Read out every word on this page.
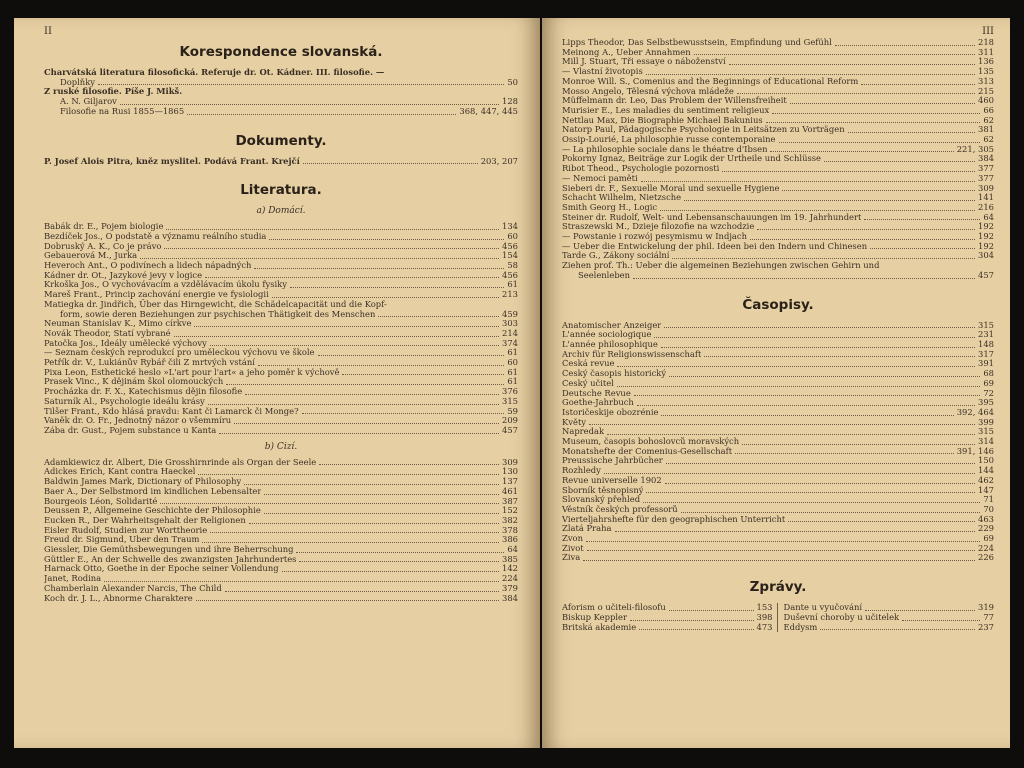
II
Korespondence slovanská.
Charvátská literatura filosofická. Referuje dr. Ot. Kádner. III. filosofie. —
Doplňky	50
Z ruské filosofie. Píše J. Mikš.
A. N. Giljarov	128
Filosofie na Rusi 1855—1865	368, 447, 445
Dokumenty.
P. Josef Alois Pitra, kněz myslitel. Podává Frant. Krejčí	203, 207
Literatura.
a) Domácí.
Babák dr. E., Pojem biologie	134
Bezdíček Jos., O podstatě a významu reálního studia	60
Dobruský A. K., Co je právo	456
Gebauerová M., Jurka	154
Heveroch Ant., O podivínech a lidech nápadných	58
Kádner dr. Ot., Jazykové jevy v logice	456
Krkoška Jos., O vychovávacím a vzdělávacím úkolu fysiky	61
Mareš Frant., Princip zachování energie ve fysiologii	213
Matiegka dr. Jindřich, Über das Hirngewicht, die Schädelcapacität und die Kopf-
form, sowie deren Beziehungen zur psychischen Thätigkeit des Menschen	459
Neuman Stanislav K., Mimo církve	303
Novák Theodor, Statí vybrané	214
Patočka Jos., Ideály umělecké výchovy	374
— Seznam českých reprodukcí pro uměleckou výchovu ve škole	61
Petřík dr. V., Lukiánův Rybář čili Z mrtvých vstání	60
Pixa Leon, Esthetické heslo »L'art pour l'art« a jeho poměr k výchově	61
Prasek Vinc., K dějinám škol olomouckých	61
Procházka dr. F. X., Katechismus dějin filosofie	376
Saturník Al., Psychologie ideálu krásy	315
Tilšer Frant., Kdo hlásá pravdu: Kant či Lamarck či Monge?	59
Vaněk dr. O. Fr., Jednotný názor o všemmíru	209
Zába dr. Gust., Pojem substance u Kanta	457
b) Cizí.
Adamkiewicz dr. Albert, Die Grosshirnrinde als Organ der Seele	309
Adickes Erich, Kant contra Haeckel	130
Baldwin James Mark, Dictionary of Philosophy	137
Baer A., Der Selbstmord im kindlichen Lebensalter	461
Bourgeois Léon, Solidarité	387
Deussen P., Allgemeine Geschichte der Philosophie	152
Eucken R., Der Wahrheitsgehalt der Religionen	382
Eisler Rudolf, Studien zur Worttheorie	378
Freud dr. Sigmund, Über den Traum	386
Giessler, Die Gemüthsbewegungen und ihre Beherrschung	64
Güttler E., An der Schwelle des zwanzigsten Jahrhundertes	385
Harnack Otto, Goethe in der Epoche seiner Vollendung	142
Janet, Rodina	224
Chamberlain Alexander Narcis, The Child	379
Koch dr. J. L., Abnorme Charaktere	384
III
Lipps Theodor, Das Selbstbewusstsein, Empfindung und Gefühl	218
Meinong A., Ueber Annahmen	311
Mill J. Stuart, Tři essaye o náboženství	136
— Vlastní životopis	135
Monroe Will. S., Comenius and the Beginnings of Educational Reform	313
Mosso Angelo, Tělesná výchova mládeže	215
Müffelmann dr. Leo, Das Problem der Willensfreiheit	460
Murisier E., Les maladies du sentiment religieux	66
Nettlau Max, Die Biographie Michael Bakunius	62
Natorp Paul, Pädagogische Psychologie in Leitsätzen zu Vorträgen	381
Ossip-Lourié, La philosophie russe contemporaine	62
— La philosophie sociale dans le théatre d'Ibsen	221, 305
Pokorny Ignaz, Beiträge zur Logik der Urtheile und Schlüsse	384
Ribot Theod., Psychologie pozornosti	377
— Nemoci paměti	377
Sieberi dr. F., Sexuelle Moral und sexuelle Hygiene	309
Schacht Wilhelm, Nietzsche	141
Smith Georg H., Logic	216
Steiner dr. Rudolf, Welt- und Lebensanschauungen im 19. Jahrhundert	64
Straszewski M., Dzieje filozofie na wzchodzie	192
— Powstanie i rozwój pesymismu w Indjach	192
— Ueber die Entwickelung der phil. Ideen bei den Indern und Chinesen	192
Tarde G., Zákony sociální	304
Ziehen prof. Th.: Ueber die algemeinen Beziehungen zwischen Gehirn und
Seelenleben	457
Časopisy.
Anatomischer Anzeiger	315
L'année sociologique	231
L'année philosophique	148
Archiv für Religionswissenschaft	317
Česká revue	391
Český časopis historický	68
Český učitel	69
Deutsche Revue	72
Goethe-Jahrbuch	395
Istoričeskije obozrénie	392, 464
Květy	399
Napredak	315
Museum, časopis bohoslovců moravských	314
Monatshefte der Comenius-Gesellschaft	391, 146
Preussische Jahrbücher	150
Rozhledy	144
Revue universelle 1902	462
Sborník těsnopisný	147
Slovanský přehled	71
Věstník českých professorů	70
Vierteljahrshefte für den geographischen Unterricht	463
Zlatá Praha	229
Zvon	69
Život	224
Živa	226
Zprávy.
Aforism o učiteli-filosofu	153
Biskup Keppler	398
Britská akademie	473
Dante u vyučování	319
Duševní choroby u učitelek	77
Eddysm	237
